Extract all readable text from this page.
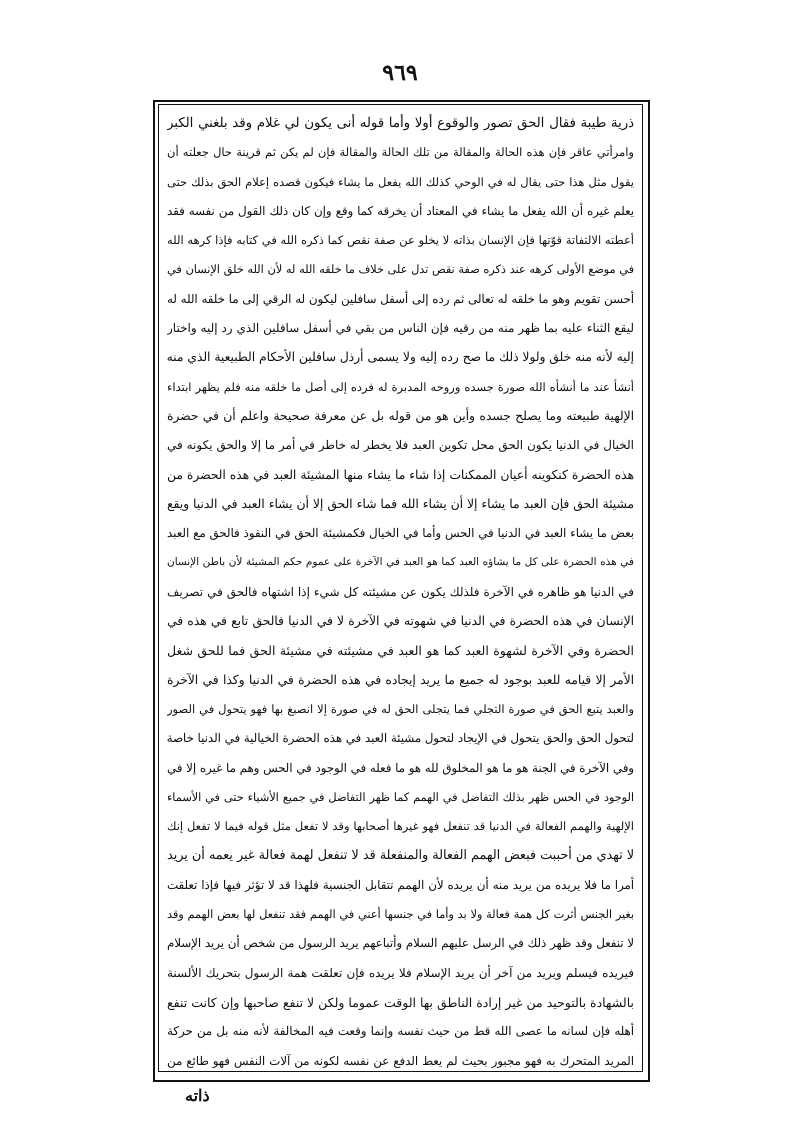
٩٦٩
ذرية طيبة فقال الحق تصور والوقوع أولا وأما قوله أنى يكون لي غلام وقد بلغني الكبر
وامرأتي عاقر فإن هذه الحالة والمقالة من تلك الحالة والمقالة فإن لم يكن ثم قرينة حال جعلته أن
يقول مثل هذا حتى يقال له في الوحي كذلك الله يفعل ما يشاء فيكون قصده إعلام الحق بذلك حتى
يعلم غيره أن الله يفعل ما يشاء في المعتاد أن يخرقه كما وقع وإن كان ذلك القول من نفسه فقد
أعطته الالتفاتة قوّتها فإن الإنسان بذاته لا يخلو عن صفة نقص كما ذكره الله في كتابه فإذا كرهه الله
في موضع الأولى كرهه عند ذكره صفة نقص تدل على خلاف ما خلقه الله له لأن الله خلق الإنسان في
أحسن تقويم وهو ما خلقه له تعالى ثم رده إلى أسفل سافلين ليكون له الرقي إلى ما خلقه الله له
ليقع الثناء عليه بما ظهر منه من رقيه فإن الناس من بقي في أسفل سافلين الذي رد إليه واختار
إليه لأنه منه خلق ولولا ذلك ما صح رده إليه ولا يسمى أرذل سافلين الأحكام الطبيعية الذي منه
أنشأ عند ما أنشأه الله صورة جسده وروحه المدبرة له فرده إلى أصل ما خلقه منه فلم يظهر ابتداء
الإلهية طبيعته وما يصلح جسده وأين هو من قوله بل عن معرفة صحيحة واعلم أن في حضرة
الخيال في الدنيا يكون الحق محل تكوين العبد فلا يخطر له خاطر في أمر ما إلا والحق يكونه في
هذه الحضرة كنكوينه أعيان الممكنات إذا شاء ما يشاء منها المشيئة العبد في هذه الحضرة من
مشيئة الحق فإن العبد ما يشاء إلا أن يشاء الله فما شاء الحق إلا أن يشاء العبد في الدنيا ويقع
بعض ما يشاء العبد في الدنيا في الحس وأما في الخيال فكمشيئة الحق في النفوذ فالحق مع العبد
في هذه الحضرة على كل ما يشاؤه العبد كما هو العبد في الآخرة على عموم حكم المشيئة لأن باطن الإنسان
في الدنيا هو ظاهره في الآخرة فلذلك يكون عن مشيئته كل شيء إذا اشتهاه فالحق في تصريف
الإنسان في هذه الحضرة في الدنيا في شهوته في الآخرة لا في الدنيا فالحق تابع في هذه في
الحضرة وفي الآخرة لشهوة العبد كما هو العبد في مشيئته في مشيئة الحق فما للحق شغل
الأمر إلا قيامه للعبد بوجود له جميع ما يريد إيجاده في هذه الحضرة في الدنيا وكذا في الآخرة
والعبد يتبع الحق في صورة التجلي فما يتجلى الحق له في صورة إلا انصبغ بها فهو يتحول في الصور
لتحول الحق والحق يتحول في الإيجاد لتحول مشيئة العبد في هذه الحضرة الخيالية في الدنيا خاصة
وفي الآخرة في الجنة هو ما هو المخلوق لله هو ما فعله في الوجود في الحس وهم ما غيره إلا في
الوجود في الحس ظهر بذلك التفاضل في الهمم كما ظهر التفاضل في جميع الأشياء حتى في الأسماء
الإلهية والهمم الفعالة في الدنيا قد تنفعل فهو غيرها أصحابها وقد لا تفعل مثل قوله فيما لا تفعل إنك
لا تهدي من أحببت فبعض الهمم الفعالة والمنفعلة قد لا تنفعل لهمة فعالة غير يعمه أن يريد
أمرا ما فلا يريده من يريد منه أن يريده لأن الهمم تتقابل الجنسية فلهذا قد لا تؤثر فيها فإذا تعلقت
بغير الجنس أثرت كل همة فعالة ولا بد وأما في جنسها أعني في الهمم فقد تنفعل لها بعض الهمم وقد
لا تنفعل وقد ظهر ذلك في الرسل عليهم السلام وأتباعهم يريد الرسول من شخص أن يريد الإسلام
فيريده فيسلم ويريد من آخر أن يريد الإسلام فلا يريده فإن تعلقت همة الرسول بتحريك الألسنة
بالشهادة بالتوحيد من غير إرادة الناطق بها الوقت عموما ولكن لا تنفع صاحبها وإن كانت تنفع
أهله فإن لسانه ما عصى الله قط من حيث نفسه وإنما وقعت فيه المخالفة لأنه منه بل من حركة
المريد المتحرك به فهو مجبور بحيث لم يعط الدفع عن نفسه لكونه من آلات النفس فهو طائع من
ذاته
